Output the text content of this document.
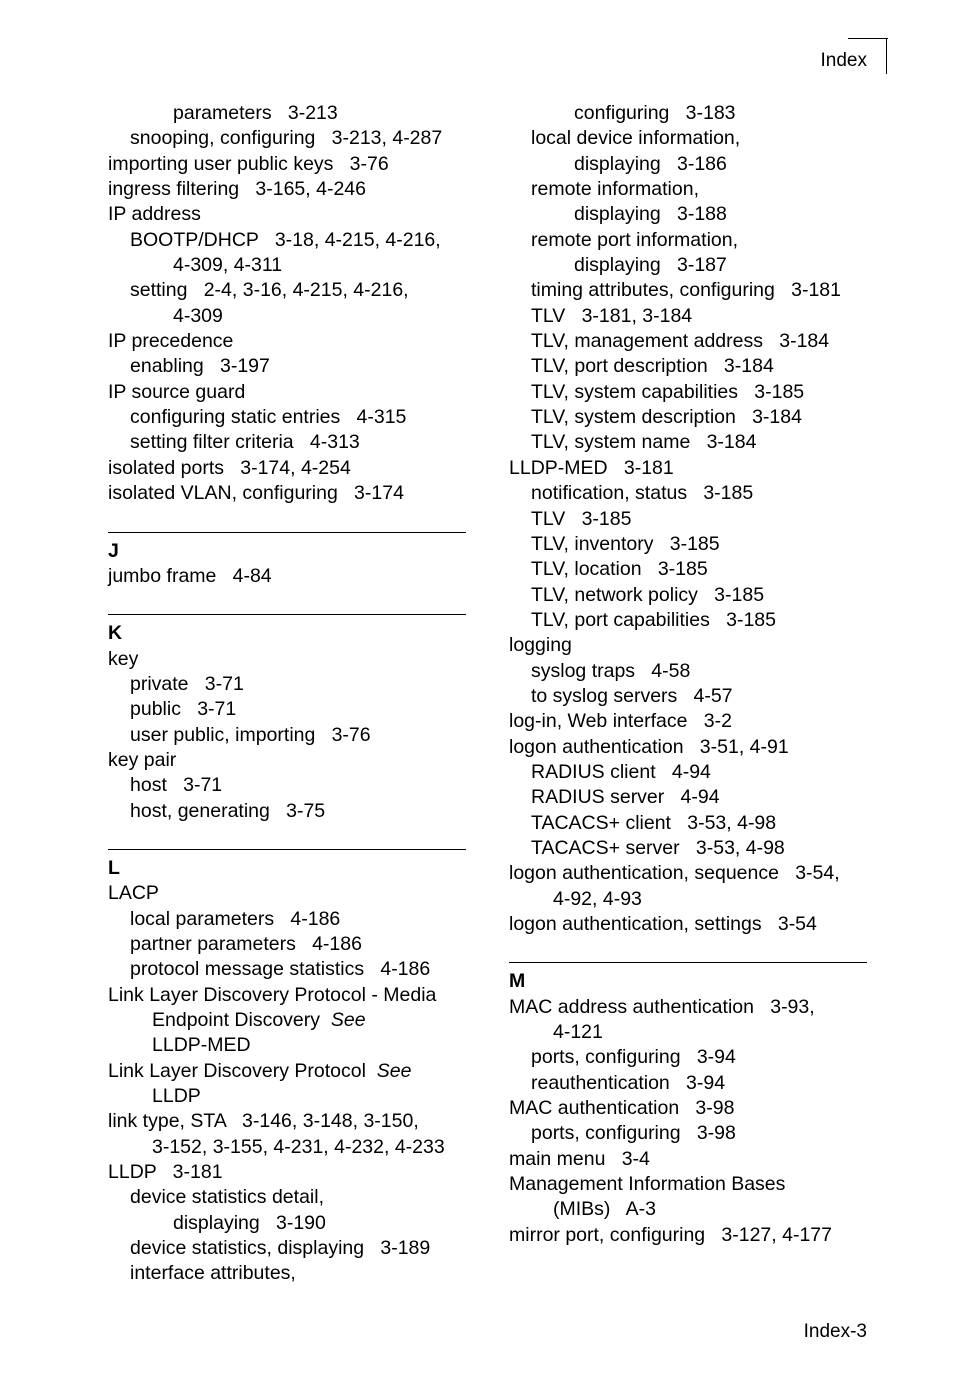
Index
parameters   3-213
snooping, configuring   3-213, 4-287
importing user public keys   3-76
ingress filtering   3-165, 4-246
IP address
BOOTP/DHCP   3-18, 4-215, 4-216,
4-309, 4-311
setting   2-4, 3-16, 4-215, 4-216,
4-309
IP precedence
enabling   3-197
IP source guard
configuring static entries   4-315
setting filter criteria   4-313
isolated ports   3-174, 4-254
isolated VLAN, configuring   3-174
J
jumbo frame   4-84
K
key
private   3-71
public   3-71
user public, importing   3-76
key pair
host   3-71
host, generating   3-75
L
LACP
local parameters   4-186
partner parameters   4-186
protocol message statistics   4-186
Link Layer Discovery Protocol - Media
Endpoint Discovery  See
LLDP-MED
Link Layer Discovery Protocol  See
LLDP
link type, STA   3-146, 3-148, 3-150,
3-152, 3-155, 4-231, 4-232, 4-233
LLDP   3-181
device statistics detail,
displaying   3-190
device statistics, displaying   3-189
interface attributes,
configuring   3-183
local device information,
displaying   3-186
remote information,
displaying   3-188
remote port information,
displaying   3-187
timing attributes, configuring   3-181
TLV   3-181, 3-184
TLV, management address   3-184
TLV, port description   3-184
TLV, system capabilities   3-185
TLV, system description   3-184
TLV, system name   3-184
LLDP-MED   3-181
notification, status   3-185
TLV   3-185
TLV, inventory   3-185
TLV, location   3-185
TLV, network policy   3-185
TLV, port capabilities   3-185
logging
syslog traps   4-58
to syslog servers   4-57
log-in, Web interface   3-2
logon authentication   3-51, 4-91
RADIUS client   4-94
RADIUS server   4-94
TACACS+ client   3-53, 4-98
TACACS+ server   3-53, 4-98
logon authentication, sequence   3-54,
4-92, 4-93
logon authentication, settings   3-54
M
MAC address authentication   3-93,
4-121
ports, configuring   3-94
reauthentication   3-94
MAC authentication   3-98
ports, configuring   3-98
main menu   3-4
Management Information Bases
(MIBs)   A-3
mirror port, configuring   3-127, 4-177
Index-3
